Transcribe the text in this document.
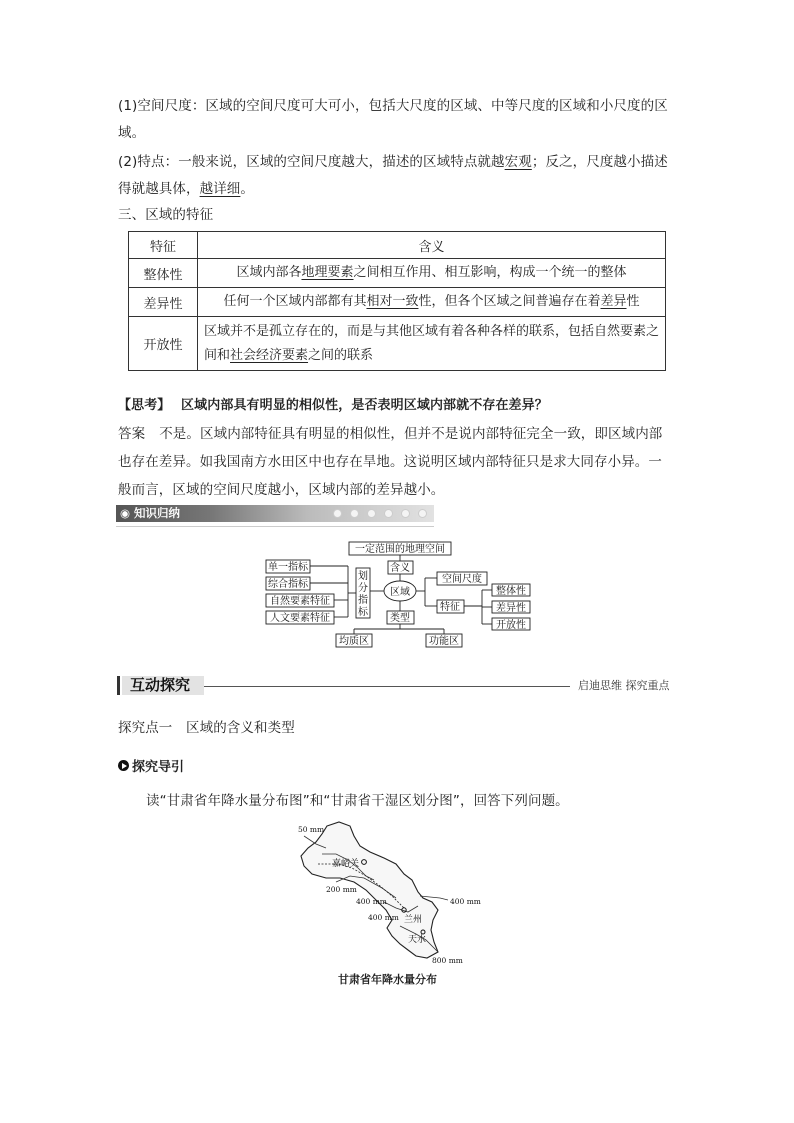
(1)空间尺度：区域的空间尺度可大可小，包括大尺度的区域、中等尺度的区域和小尺度的区
域。
(2)特点：一般来说，区域的空间尺度越大，描述的区域特点就越宏观；反之，尺度越小描述
得就越具体，越详细。
三、区域的特征
特征	含义
整体性	区域内部各地理要素之间相互作用、相互影响，构成一个统一的整体
差异性	任何一个区域内部都有其相对一致性，但各个区域之间普遍存在着差异性
开放性	区域并不是孤立存在的，而是与其他区域有着各种各样的联系，包括自然要素之间和社会经济要素之间的联系
【思考】 区域内部具有明显的相似性，是否表明区域内部就不存在差异？
答案 不是。区域内部特征具有明显的相似性，但并不是说内部特征完全一致，即区域内部
也存在差异。如我国南方水田区中也存在旱地。这说明区域内部特征只是求大同存小异。一
般而言，区域的空间尺度越小，区域内部的差异越小。
◉ 知识归纳
一定范围的地理空间
含义
区域
类型
空间尺度
特征
整体性
差异性
开放性
划
分
指
标
单一指标
综合指标
自然要素特征
人文要素特征
均质区	功能区
互动探究	启迪思维 探究重点
探究点一　区域的含义和类型
探究导引
读“甘肃省年降水量分布图”和“甘肃省干湿区划分图”，回答下列问题。
50 mm
200 mm
400 mm
400 mm
400 mm
800 mm
嘉峪关
兰州
天水
甘肃省年降水量分布
